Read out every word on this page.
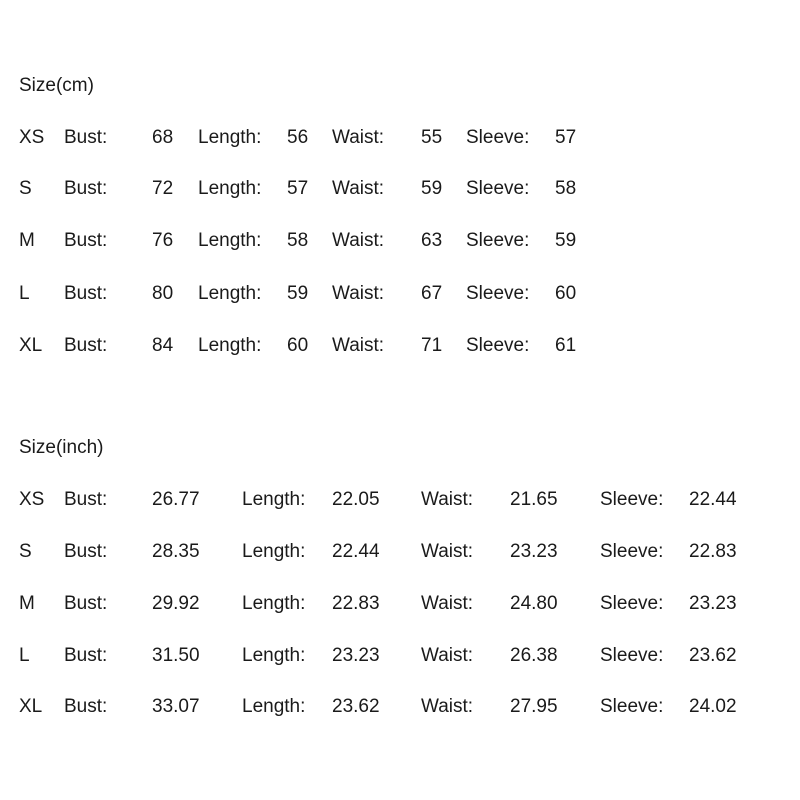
Size(cm)
XS Bust: 68 Length: 56 Waist: 55 Sleeve: 57
S Bust: 72 Length: 57 Waist: 59 Sleeve: 58
M Bust: 76 Length: 58 Waist: 63 Sleeve: 59
L Bust: 80 Length: 59 Waist: 67 Sleeve: 60
XL Bust: 84 Length: 60 Waist: 71 Sleeve: 61
Size(inch)
XS Bust: 26.77 Length: 22.05 Waist: 21.65 Sleeve: 22.44
S Bust: 28.35 Length: 22.44 Waist: 23.23 Sleeve: 22.83
M Bust: 29.92 Length: 22.83 Waist: 24.80 Sleeve: 23.23
L Bust: 31.50 Length: 23.23 Waist: 26.38 Sleeve: 23.62
XL Bust: 33.07 Length: 23.62 Waist: 27.95 Sleeve: 24.02
